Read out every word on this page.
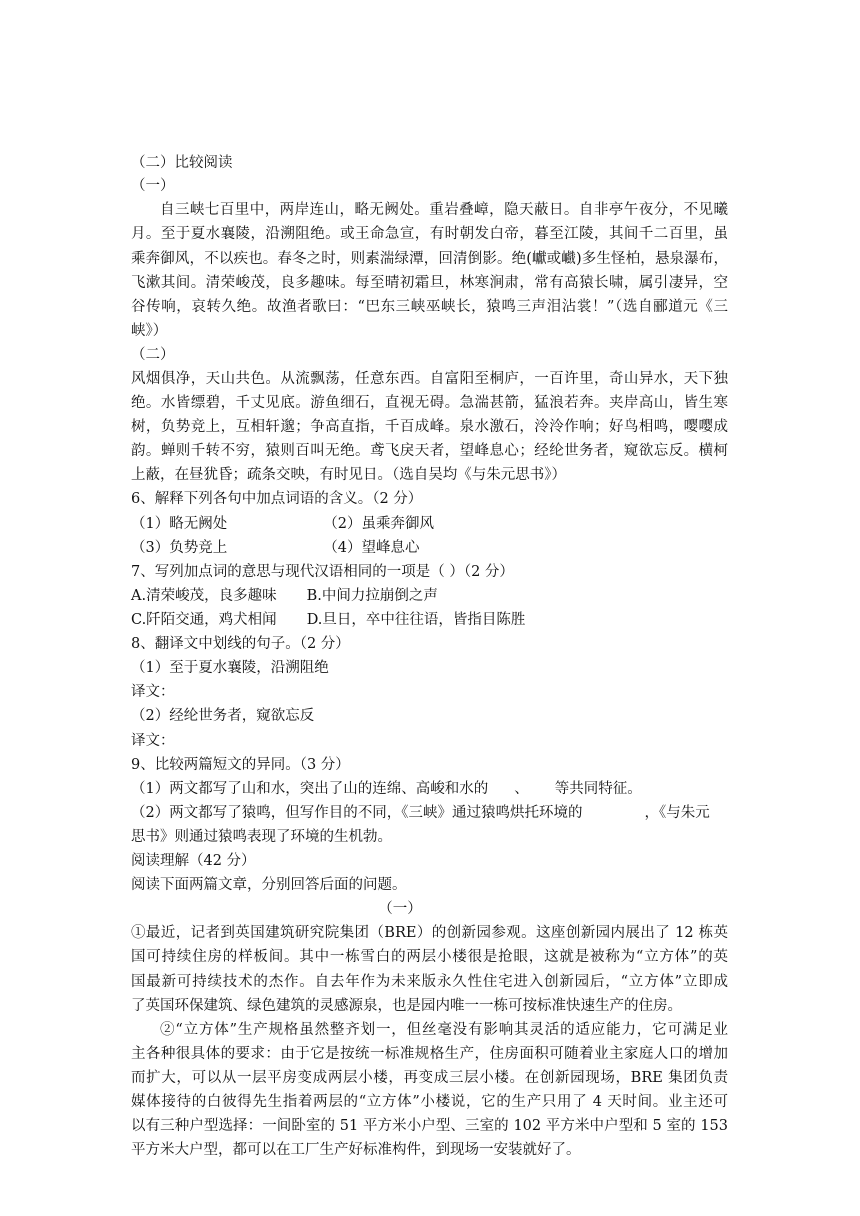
（二）比较阅读
（一）
自三峡七百里中，两岸连山，略无阙处。重岩叠嶂，隐天蔽日。自非亭午夜分，不见曦
月。至于夏水襄陵，沿溯阻绝。或王命急宣，有时朝发白帝，暮至江陵，其间千二百里，虽
乘奔御风，不以疾也。春冬之时，则素湍绿潭，回清倒影。绝(巘或巇)多生怪柏，悬泉瀑布，
飞漱其间。清荣峻茂，良多趣味。每至晴初霜旦，林寒涧肃，常有高猿长啸，属引凄异，空
谷传响，哀转久绝。故渔者歌曰：“巴东三峡巫峡长，猿鸣三声泪沾裳！”（选自郦道元《三
峡》）
（二）
风烟俱净，天山共色。从流飘荡，任意东西。自富阳至桐庐，一百许里，奇山异水，天下独
绝。水皆缥碧，千丈见底。游鱼细石，直视无碍。急湍甚箭，猛浪若奔。夹岸高山，皆生寒
树，负势竞上，互相轩邈；争高直指，千百成峰。泉水激石，泠泠作响；好鸟相鸣，嘤嘤成
韵。蝉则千转不穷，猿则百叫无绝。鸢飞戾天者，望峰息心；经纶世务者，窥欲忘反。横柯
上蔽，在昼犹昏；疏条交映，有时见日。（选自吴均《与朱元思书》）
6、解释下列各句中加点词语的含义。（2 分）
（1）略无阙处	（2）虽乘奔御风
（3）负势竞上	（4）望峰息心
7、写列加点词的意思与现代汉语相同的一项是（ ）（2 分）
A.清荣峻茂，良多趣味 B.中间力拉崩倒之声
C.阡陌交通，鸡犬相闻 D.旦日，卒中往往语，皆指目陈胜
8、翻译文中划线的句子。（2 分）
（1）至于夏水襄陵，沿溯阻绝
译文：
（2）经纶世务者，窥欲忘反
译文：
9、比较两篇短文的异同。（3 分）
（1）两文都写了山和水，突出了山的连绵、高峻和水的 、 等共同特征。
（2）两文都写了猿鸣，但写作目的不同，《三峡》通过猿鸣烘托环境的	，《与朱元
思书》则通过猿鸣表现了环境的生机勃。
阅读理解（42 分）
阅读下面两篇文章，分别回答后面的问题。
（一）
①最近，记者到英国建筑研究院集团（BRE）的创新园参观。这座创新园内展出了 12 栋英
国可持续住房的样板间。其中一栋雪白的两层小楼很是抢眼，这就是被称为“立方体”的英
国最新可持续技术的杰作。自去年作为未来版永久性住宅进入创新园后，“立方体”立即成
了英国环保建筑、绿色建筑的灵感源泉，也是园内唯一一栋可按标准快速生产的住房。
②“立方体”生产规格虽然整齐划一，但丝毫没有影响其灵活的适应能力，它可满足业
主各种很具体的要求：由于它是按统一标准规格生产，住房面积可随着业主家庭人口的增加
而扩大，可以从一层平房变成两层小楼，再变成三层小楼。在创新园现场，BRE 集团负责
媒体接待的白彼得先生指着两层的“立方体”小楼说，它的生产只用了 4 天时间。业主还可
以有三种户型选择：一间卧室的 51 平方米小户型、三室的 102 平方米中户型和 5 室的 153
平方米大户型，都可以在工厂生产好标准构件，到现场一安装就好了。
